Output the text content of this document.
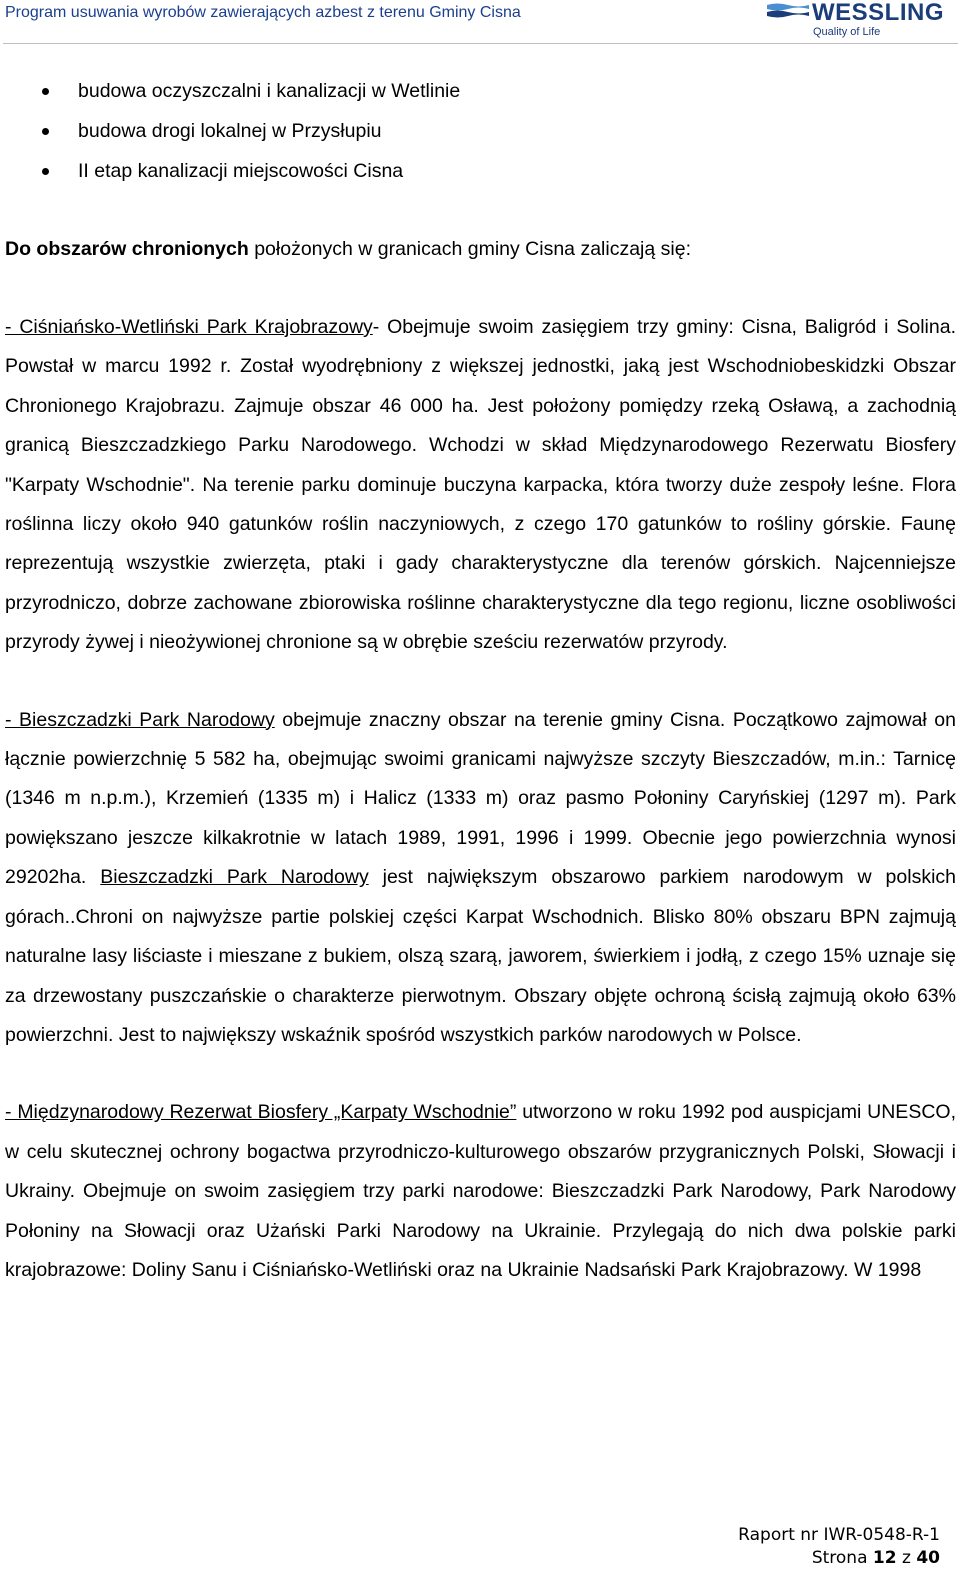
Program usuwania wyrobów zawierających azbest z terenu Gminy Cisna	WESSLING
Quality of Life
budowa oczyszczalni i kanalizacji w Wetlinie
budowa drogi lokalnej w Przysłupiu
II etap kanalizacji miejscowości Cisna

Do obszarów chronionych położonych w granicach gminy Cisna zaliczają się:

- Ciśniańsko-Wetliński Park Krajobrazowy- Obejmuje swoim zasięgiem trzy gminy: Cisna, Baligród i Solina. Powstał w marcu 1992 r. Został wyodrębniony z większej jednostki, jaką jest Wschodniobeskidzki Obszar Chronionego Krajobrazu. Zajmuje obszar 46 000 ha. Jest położony pomiędzy rzeką Osławą, a zachodnią granicą Bieszczadzkiego Parku Narodowego. Wchodzi w skład Międzynarodowego Rezerwatu Biosfery "Karpaty Wschodnie". Na terenie parku dominuje buczyna karpacka, która tworzy duże zespoły leśne. Flora roślinna liczy około 940 gatunków roślin naczyniowych, z czego 170 gatunków to rośliny górskie. Faunę reprezentują wszystkie zwierzęta, ptaki i gady charakterystyczne dla terenów górskich. Najcenniejsze przyrodniczo, dobrze zachowane zbiorowiska roślinne charakterystyczne dla tego regionu, liczne osobliwości przyrody żywej i nieożywionej chronione są w obrębie sześciu rezerwatów przyrody.

- Bieszczadzki Park Narodowy obejmuje znaczny obszar na terenie gminy Cisna. Początkowo zajmował on łącznie powierzchnię 5 582 ha, obejmując swoimi granicami najwyższe szczyty Bieszczadów, m.in.: Tarnicę (1346 m n.p.m.), Krzemień (1335 m) i Halicz (1333 m) oraz pasmo Połoniny Caryńskiej (1297 m). Park powiększano jeszcze kilkakrotnie w latach 1989, 1991, 1996 i 1999. Obecnie jego powierzchnia wynosi 29202ha. Bieszczadzki Park Narodowy jest największym obszarowo parkiem narodowym w polskich górach..Chroni on najwyższe partie polskiej części Karpat Wschodnich. Blisko 80% obszaru BPN zajmują naturalne lasy liściaste i mieszane z bukiem, olszą szarą, jaworem, świerkiem i jodłą, z czego 15% uznaje się za drzewostany puszczańskie o charakterze pierwotnym. Obszary objęte ochroną ścisłą zajmują około 63% powierzchni. Jest to największy wskaźnik spośród wszystkich parków narodowych w Polsce.

- Międzynarodowy Rezerwat Biosfery „Karpaty Wschodnie” utworzono w roku 1992 pod auspicjami UNESCO, w celu skutecznej ochrony bogactwa przyrodniczo-kulturowego obszarów przygranicznych Polski, Słowacji i Ukrainy. Obejmuje on swoim zasięgiem trzy parki narodowe: Bieszczadzki Park Narodowy, Park Narodowy Połoniny na Słowacji oraz Użański Parki Narodowy na Ukrainie. Przylegają do nich dwa polskie parki krajobrazowe: Doliny Sanu i Ciśniańsko-Wetliński oraz na Ukrainie Nadsański Park Krajobrazowy. W 1998

Raport nr IWR-0548-R-1
Strona 12 z 40
